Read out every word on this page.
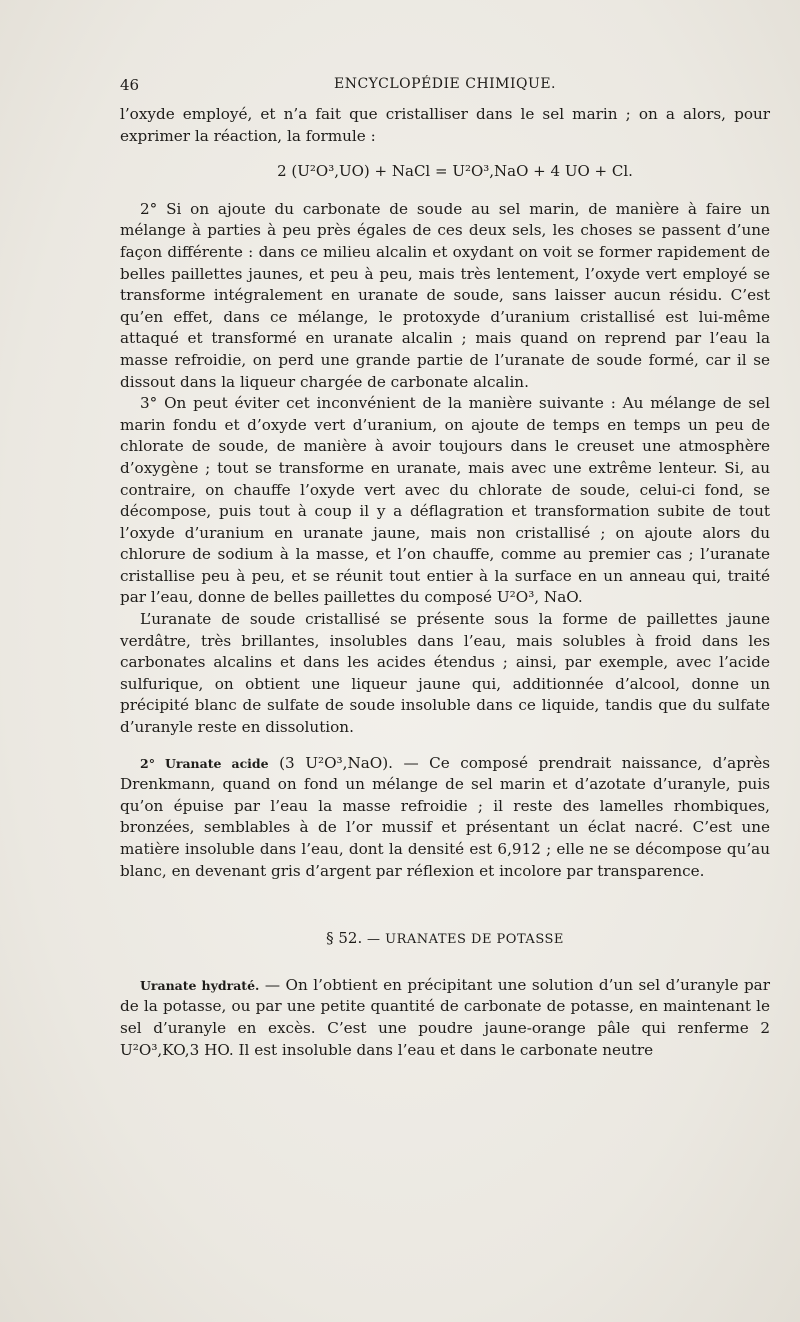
46	ENCYCLOPÉDIE CHIMIQUE.

l’oxyde employé, et n’a fait que cristalliser dans le sel marin ; on a alors, pour exprimer la réaction, la formule :

2 (U²O³,UO) + NaCl = U²O³,NaO + 4 UO + Cl.

2° Si on ajoute du carbonate de soude au sel marin, de manière à faire un mélange à parties à peu près égales de ces deux sels, les choses se passent d’une façon différente : dans ce milieu alcalin et oxydant on voit se former rapidement de belles paillettes jaunes, et peu à peu, mais très lentement, l’oxyde vert employé se transforme intégralement en uranate de soude, sans laisser aucun résidu. C’est qu’en effet, dans ce mélange, le protoxyde d’uranium cristallisé est lui-même attaqué et transformé en uranate alcalin ; mais quand on reprend par l’eau la masse refroidie, on perd une grande partie de l’uranate de soude formé, car il se dissout dans la liqueur chargée de carbonate alcalin.

3° On peut éviter cet inconvénient de la manière suivante : Au mélange de sel marin fondu et d’oxyde vert d’uranium, on ajoute de temps en temps un peu de chlorate de soude, de manière à avoir toujours dans le creuset une atmosphère d’oxygène ; tout se transforme en uranate, mais avec une extrême lenteur. Si, au contraire, on chauffe l’oxyde vert avec du chlorate de soude, celui-ci fond, se décompose, puis tout à coup il y a déflagration et transformation subite de tout l’oxyde d’uranium en uranate jaune, mais non cristallisé ; on ajoute alors du chlorure de sodium à la masse, et l’on chauffe, comme au premier cas ; l’uranate cristallise peu à peu, et se réunit tout entier à la surface en un anneau qui, traité par l’eau, donne de belles paillettes du composé U²O³, NaO.

L’uranate de soude cristallisé se présente sous la forme de paillettes jaune verdâtre, très brillantes, insolubles dans l’eau, mais solubles à froid dans les carbonates alcalins et dans les acides étendus ; ainsi, par exemple, avec l’acide sulfurique, on obtient une liqueur jaune qui, additionnée d’alcool, donne un précipité blanc de sulfate de soude insoluble dans ce liquide, tandis que du sulfate d’uranyle reste en dissolution.

2° Uranate acide (3 U²O³,NaO). — Ce composé prendrait naissance, d’après Drenkmann, quand on fond un mélange de sel marin et d’azotate d’uranyle, puis qu’on épuise par l’eau la masse refroidie ; il reste des lamelles rhombiques, bronzées, semblables à de l’or mussif et présentant un éclat nacré. C’est une matière insoluble dans l’eau, dont la densité est 6,912 ; elle ne se décompose qu’au blanc, en devenant gris d’argent par réflexion et incolore par transparence.

§ 52. — URANATES DE POTASSE

Uranate hydraté. — On l’obtient en précipitant une solution d’un sel d’uranyle par de la potasse, ou par une petite quantité de carbonate de potasse, en maintenant le sel d’uranyle en excès. C’est une poudre jaune-orange pâle qui renferme 2 U²O³,KO,3 HO. Il est insoluble dans l’eau et dans le carbonate neutre
